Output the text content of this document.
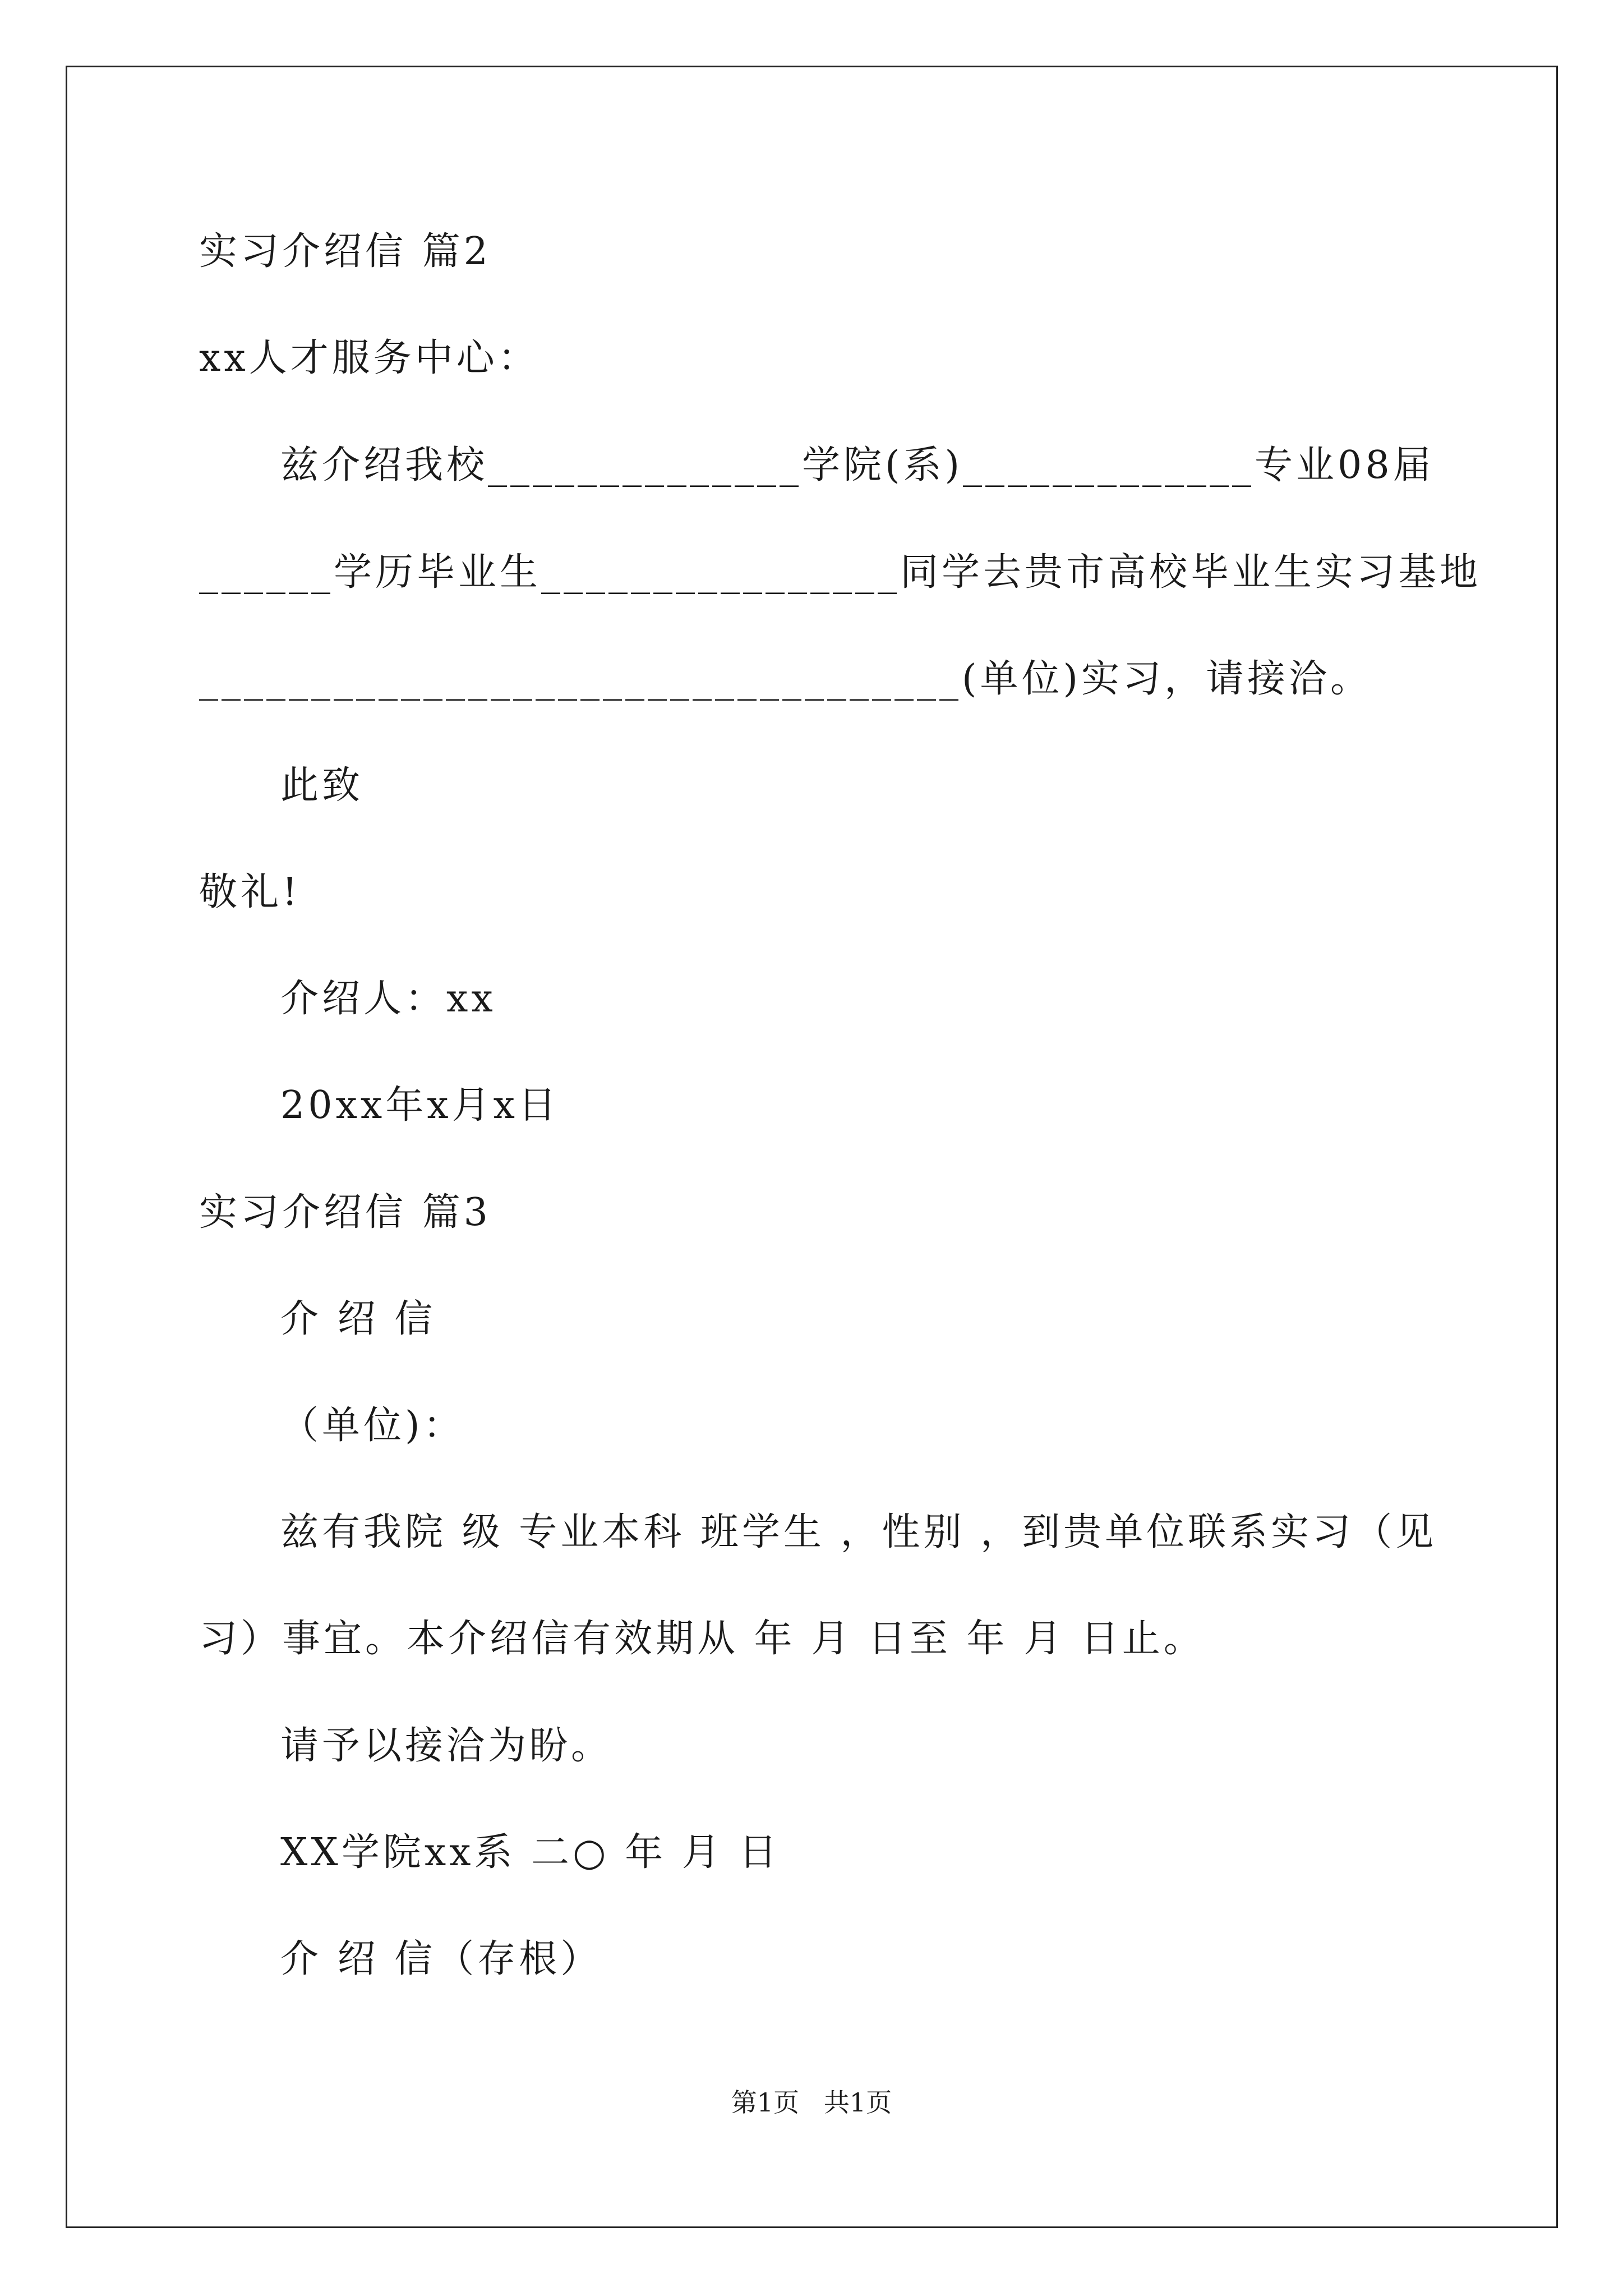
实习介绍信 篇2
xx人才服务中心：
兹介绍我校______________学院(系)_____________专业08届
______学历毕业生________________同学去贵市高校毕业生实习基地
__________________________________(单位)实习，请接洽。
此致
敬礼!
介绍人：xx
20xx年x月x日
实习介绍信 篇3
介 绍 信
（单位)：
兹有我院 级 专业本科 班学生 ，性别 ，到贵单位联系实习（见
习）事宜。本介绍信有效期从 年 月 日至 年 月 日止。
请予以接洽为盼。
XX学院xx系 二○ 年 月 日
介 绍 信（存根）
第1页   共1页
